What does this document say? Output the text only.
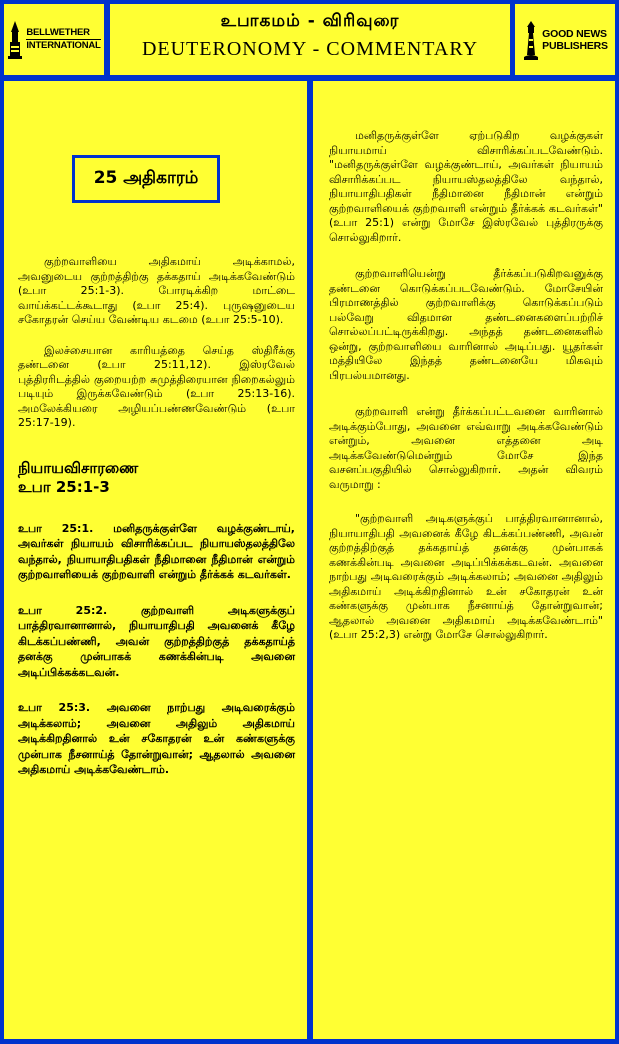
BELLWETHER
INTERNATIONAL
உபாகமம் - விரிவுரை
DEUTERONOMY - COMMENTARY
GOOD NEWS
PUBLISHERS
25 அதிகாரம்

குற்றவாளியை அதிகமாய் அடிக்காமல், அவனுடைய குற்றத்திற்கு தக்கதாய் அடிக்கவேண்டும் (உபா 25:1-3). போரடிக்கிற மாட்டை வாய்க்கட்டக்கூடாது (உபா 25:4). புருஷனுடைய சகோதரன் செய்ய வேண்டிய கடமை (உபா 25:5-10).

இலச்சையான காரியத்தை செய்த ஸ்திரீக்கு தண்டனை (உபா 25:11,12). இஸ்ரவேல் புத்திரரிடத்தில் குறையற்ற சுமுத்திரையான நிறைகல்லும் படியும் இருக்கவேண்டும் (உபா 25:13-16). அமலேக்கியரை அழியப்பண்ணவேண்டும் (உபா 25:17-19).

நியாயவிசாரணை
உபா 25:1-3

உபா 25:1. மனிதருக்குள்ளே வழக்குண்டாய், அவர்கள் நியாயம் விசாரிக்கப்பட நியாயஸ்தலத்திலே வந்தால், நியாயாதிபதிகள் நீதிமானை நீதிமான் என்றும் குற்றவாளியைக் குற்றவாளி என்றும் தீர்க்கக் கடவர்கள்.

உபா 25:2. குற்றவாளி அடிகளுக்குப் பாத்திரவானானால், நியாயாதிபதி அவனைக் கீழே கிடக்கப்பண்ணி, அவன் குற்றத்திற்குத் தக்கதாய்த் தனக்கு முன்பாகக் கணக்கின்படி அவனை அடிப்பிக்கக்கடவன்.

உபா 25:3. அவனை நாற்பது அடிவரைக்கும் அடிக்கலாம்; அவனை அதிலும் அதிகமாய் அடிக்கிறதினால் உன் சகோதரன் உன் கண்களுக்கு முன்பாக நீசனாய்த் தோன்றுவான்; ஆதலால் அவனை அதிகமாய் அடிக்கவேண்டாம்.

மனிதருக்குள்ளே ஏற்படுகிற வழக்குகள் நியாயமாய் விசாரிக்கப்படவேண்டும். "மனிதருக்குள்ளே வழக்குண்டாய், அவர்கள் நியாயம் விசாரிக்கப்பட நியாயஸ்தலத்திலே வந்தால், நியாயாதிபதிகள் நீதிமானை நீதிமான் என்றும் குற்றவாளியைக் குற்றவாளி என்றும் தீர்க்கக் கடவர்கள்" (உபா 25:1) என்று மோசே இஸ்ரவேல் புத்திரருக்கு சொல்லுகிறார்.

குற்றவாளியென்று தீர்க்கப்படுகிறவனுக்கு தண்டனை கொடுக்கப்படவேண்டும். மோசேயின் பிரமாணத்தில் குற்றவாளிக்கு கொடுக்கப்படும் பல்வேறு விதமான தண்டனைகளைப்பற்றிச் சொல்லப்பட்டிருக்கிறது. அந்தத் தண்டனைகளில் ஒன்று, குற்றவாளியை வாரினால் அடிப்பது. யூதர்கள் மத்தியிலே இந்தத் தண்டனையே மிகவும் பிரபல்யமானது.

குற்றவாளி என்று தீர்க்கப்பட்டவனை வாரினால் அடிக்கும்போது, அவனை எவ்வாறு அடிக்கவேண்டும் என்றும், அவனை எத்தனை அடி அடிக்கவேண்டுமென்றும் மோசே இந்த வசனப்பகுதியில் சொல்லுகிறார். அதன் விவரம் வருமாறு :

"குற்றவாளி அடிகளுக்குப் பாத்திரவானானால், நியாயாதிபதி அவனைக் கீழே கிடக்கப்பண்ணி, அவன் குற்றத்திற்குத் தக்கதாய்த் தனக்கு முன்பாகக் கணக்கின்படி அவனை அடிப்பிக்கக்கடவன். அவனை நாற்பது அடிவரைக்கும் அடிக்கலாம்; அவனை அதிலும் அதிகமாய் அடிக்கிறதினால் உன் சகோதரன் உன் கண்களுக்கு முன்பாக நீசனாய்த் தோன்றுவான்; ஆதலால் அவனை அதிகமாய் அடிக்கவேண்டாம்" (உபா 25:2,3) என்று மோசே சொல்லுகிறார்.
